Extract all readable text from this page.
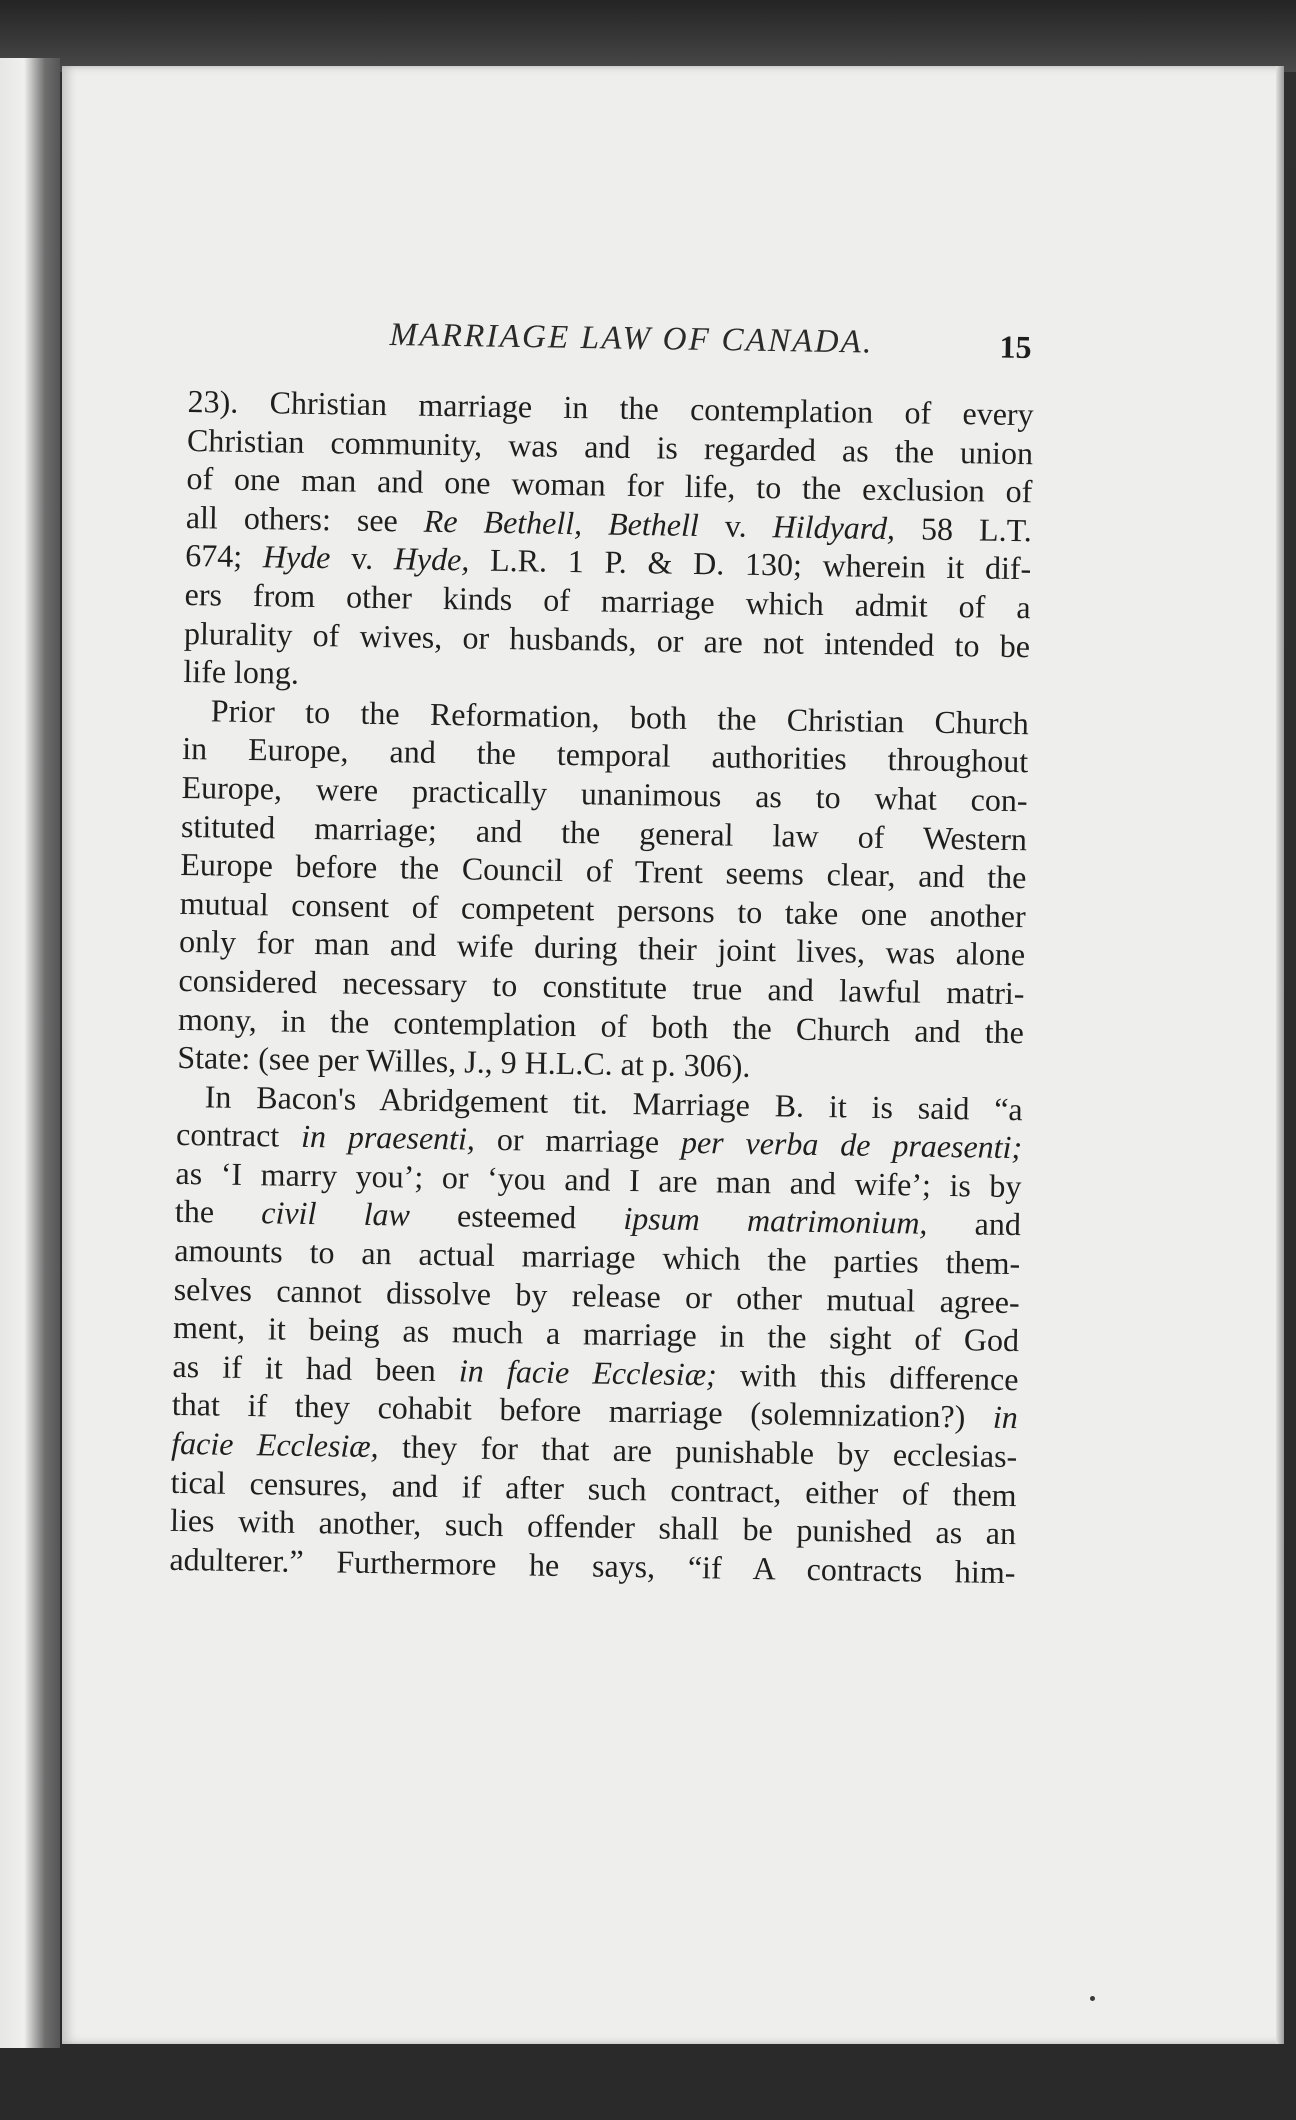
MARRIAGE LAW OF CANADA.	15
23). Christian marriage in the contemplation of every
Christian community, was and is regarded as the union
of one man and one woman for life, to the exclusion of
all others: see Re Bethell, Bethell v. Hildyard, 58 L.T.
674; Hyde v. Hyde, L.R. 1 P. & D. 130; wherein it dif-
ers from other kinds of marriage which admit of a
plurality of wives, or husbands, or are not intended to be
life long.
Prior to the Reformation, both the Christian Church
in Europe, and the temporal authorities throughout
Europe, were practically unanimous as to what con-
stituted marriage; and the general law of Western
Europe before the Council of Trent seems clear, and the
mutual consent of competent persons to take one another
only for man and wife during their joint lives, was alone
considered necessary to constitute true and lawful matri-
mony, in the contemplation of both the Church and the
State: (see per Willes, J., 9 H.L.C. at p. 306).
In Bacon's Abridgement tit. Marriage B. it is said “a
contract in praesenti, or marriage per verba de praesenti;
as ‘I marry you’; or ‘you and I are man and wife’; is by
the civil law esteemed ipsum matrimonium, and
amounts to an actual marriage which the parties them-
selves cannot dissolve by release or other mutual agree-
ment, it being as much a marriage in the sight of God
as if it had been in facie Ecclesiæ; with this difference
that if they cohabit before marriage (solemnization?) in
facie Ecclesiæ, they for that are punishable by ecclesias-
tical censures, and if after such contract, either of them
lies with another, such offender shall be punished as an
adulterer.” Furthermore he says, “if A contracts him-
